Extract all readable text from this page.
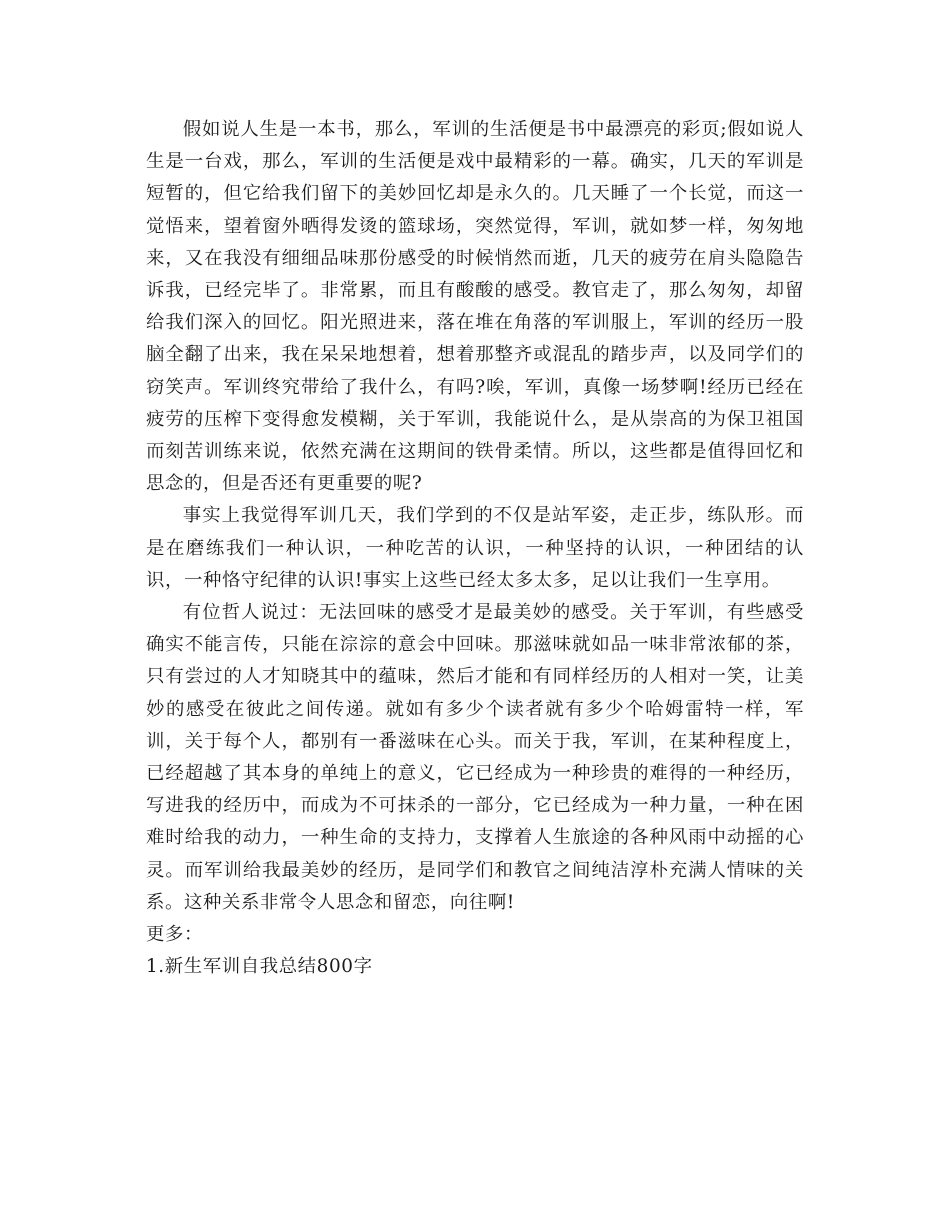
假如说人生是一本书，那么，军训的生活便是书中最漂亮的彩页;假如说人生是一台戏，那么，军训的生活便是戏中最精彩的一幕。确实，几天的军训是短暂的，但它给我们留下的美妙回忆却是永久的。几天睡了一个长觉，而这一觉悟来，望着窗外晒得发烫的篮球场，突然觉得，军训，就如梦一样，匆匆地来，又在我没有细细品味那份感受的时候悄然而逝，几天的疲劳在肩头隐隐告诉我，已经完毕了。非常累，而且有酸酸的感受。教官走了，那么匆匆，却留给我们深入的回忆。阳光照进来，落在堆在角落的军训服上，军训的经历一股脑全翻了出来，我在呆呆地想着，想着那整齐或混乱的踏步声，以及同学们的窃笑声。军训终究带给了我什么，有吗?唉，军训，真像一场梦啊!经历已经在疲劳的压榨下变得愈发模糊，关于军训，我能说什么，是从崇高的为保卫祖国而刻苦训练来说，依然充满在这期间的铁骨柔情。所以，这些都是值得回忆和思念的，但是否还有更重要的呢?

事实上我觉得军训几天，我们学到的不仅是站军姿，走正步，练队形。而是在磨练我们一种认识，一种吃苦的认识，一种坚持的认识，一种团结的认识，一种恪守纪律的认识!事实上这些已经太多太多，足以让我们一生享用。

有位哲人说过：无法回味的感受才是最美妙的感受。关于军训，有些感受确实不能言传，只能在淙淙的意会中回味。那滋味就如品一味非常浓郁的茶，只有尝过的人才知晓其中的蕴味，然后才能和有同样经历的人相对一笑，让美妙的感受在彼此之间传递。就如有多少个读者就有多少个哈姆雷特一样，军训，关于每个人，都别有一番滋味在心头。而关于我，军训，在某种程度上，已经超越了其本身的单纯上的意义，它已经成为一种珍贵的难得的一种经历，写进我的经历中，而成为不可抹杀的一部分，它已经成为一种力量，一种在困难时给我的动力，一种生命的支持力，支撑着人生旅途的各种风雨中动摇的心灵。而军训给我最美妙的经历，是同学们和教官之间纯洁淳朴充满人情味的关系。这种关系非常令人思念和留恋，向往啊!

更多：

1.新生军训自我总结800字
